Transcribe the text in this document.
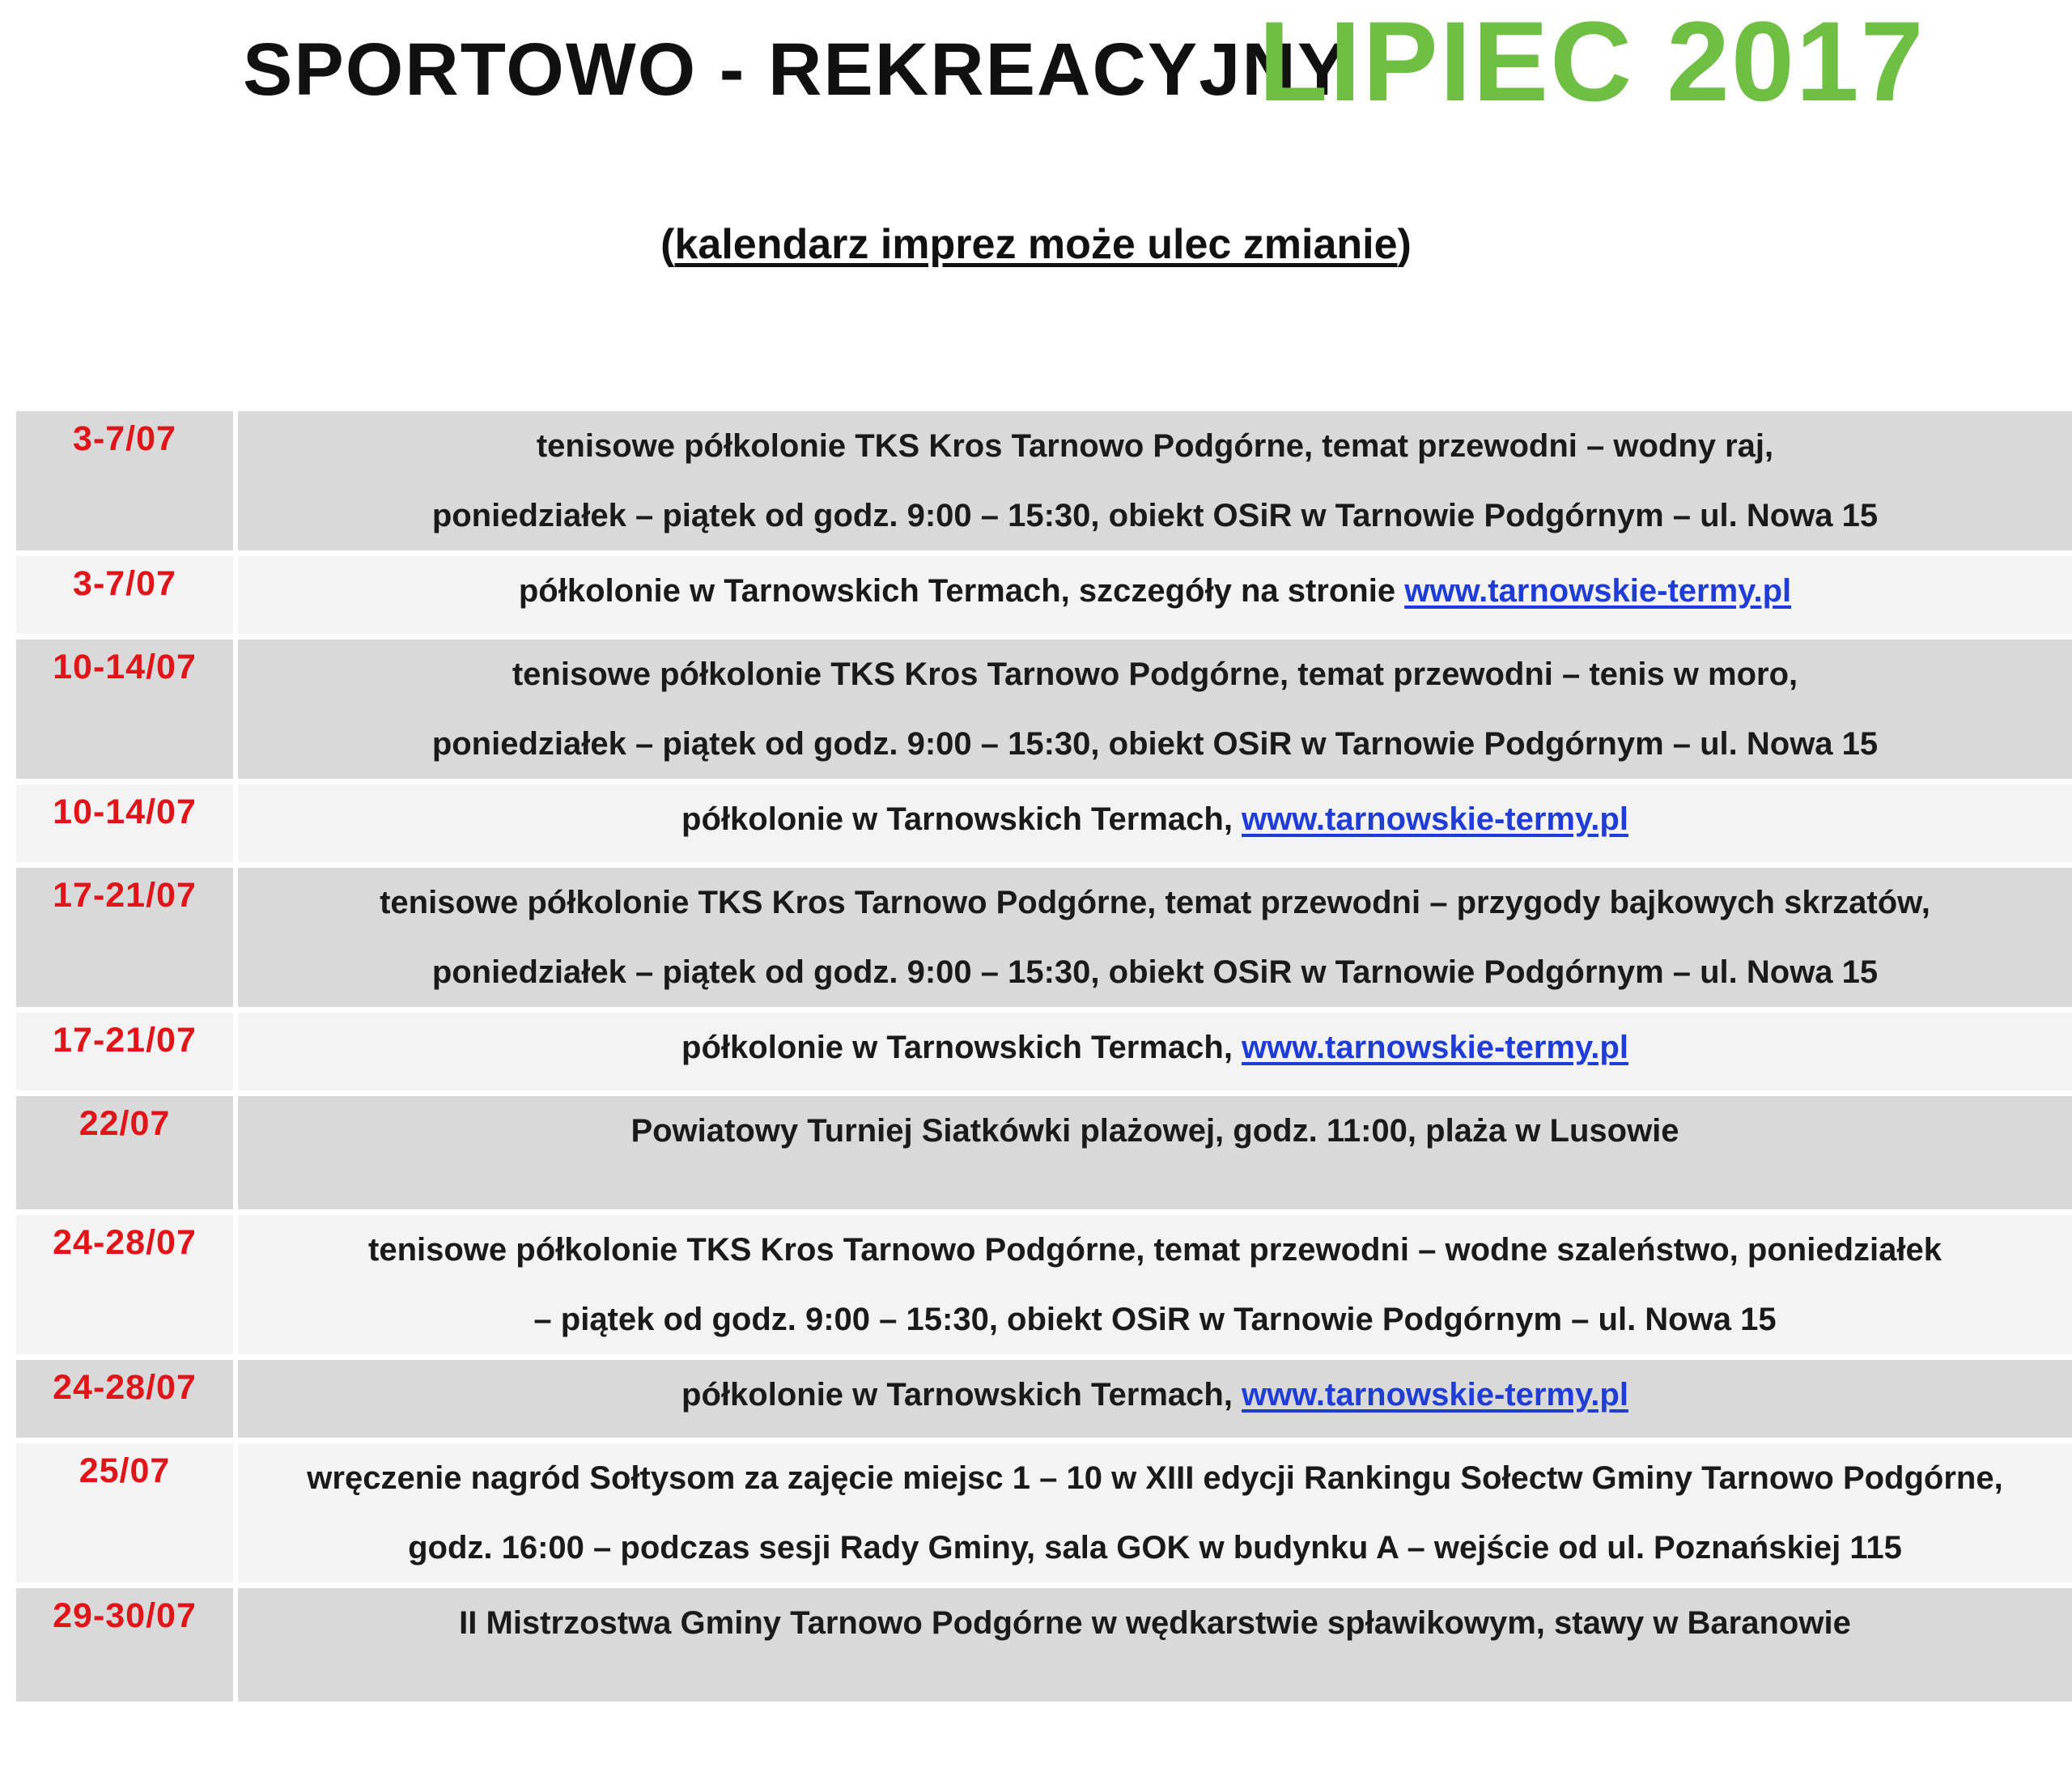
SPORTOWO - REKREACYJNY
LIPIEC 2017
(kalendarz imprez może ulec zmianie)
3-7/07	tenisowe półkolonie TKS Kros Tarnowo Podgórne, temat przewodni – wodny raj,
poniedziałek – piątek od godz. 9:00 – 15:30, obiekt OSiR w Tarnowie Podgórnym – ul. Nowa 15
3-7/07	półkolonie w Tarnowskich Termach, szczegóły na stronie www.tarnowskie-termy.pl
10-14/07	tenisowe półkolonie TKS Kros Tarnowo Podgórne, temat przewodni – tenis w moro,
poniedziałek – piątek od godz. 9:00 – 15:30, obiekt OSiR w Tarnowie Podgórnym – ul. Nowa 15
10-14/07	półkolonie w Tarnowskich Termach, www.tarnowskie-termy.pl
17-21/07	tenisowe półkolonie TKS Kros Tarnowo Podgórne, temat przewodni – przygody bajkowych skrzatów,
poniedziałek – piątek od godz. 9:00 – 15:30, obiekt OSiR w Tarnowie Podgórnym – ul. Nowa 15
17-21/07	półkolonie w Tarnowskich Termach, www.tarnowskie-termy.pl
22/07	Powiatowy Turniej Siatkówki plażowej, godz. 11:00, plaża w Lusowie
24-28/07	tenisowe półkolonie TKS Kros Tarnowo Podgórne, temat przewodni – wodne szaleństwo, poniedziałek
– piątek od godz. 9:00 – 15:30, obiekt OSiR w Tarnowie Podgórnym – ul. Nowa 15
24-28/07	półkolonie w Tarnowskich Termach, www.tarnowskie-termy.pl
25/07	wręczenie nagród Sołtysom za zajęcie miejsc 1 – 10 w XIII edycji Rankingu Sołectw Gminy Tarnowo Podgórne,
godz. 16:00 – podczas sesji Rady Gminy, sala GOK w budynku A – wejście od ul. Poznańskiej 115
29-30/07	II Mistrzostwa Gminy Tarnowo Podgórne w wędkarstwie spławikowym, stawy w Baranowie
